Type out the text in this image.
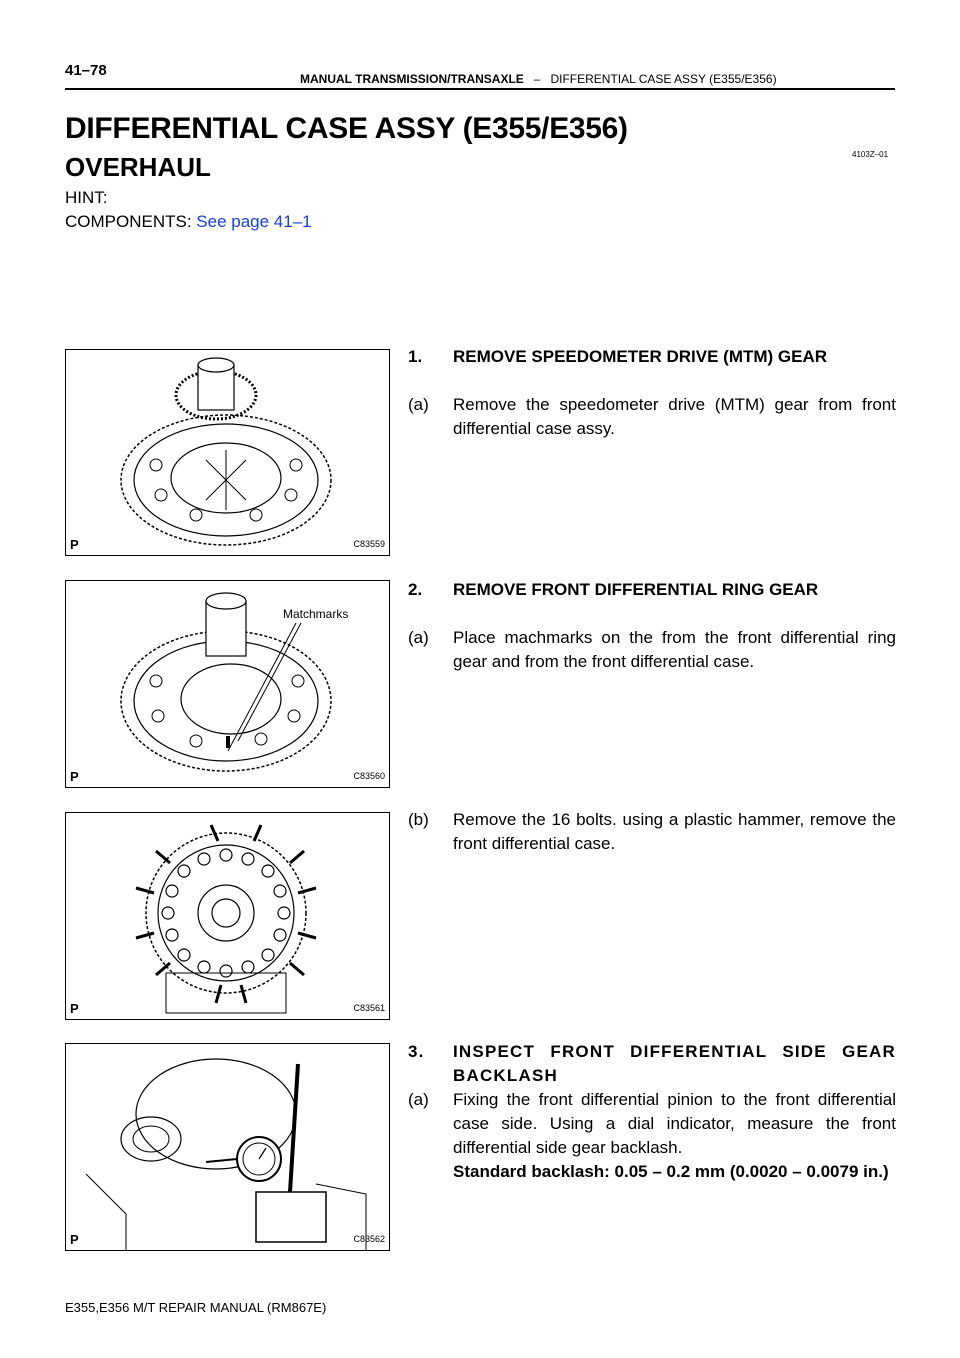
41–78	MANUAL TRANSMISSION/TRANSAXLE – DIFFERENTIAL CASE ASSY (E355/E356)
DIFFERENTIAL CASE ASSY (E355/E356)
4103Z–01
OVERHAUL
HINT:
COMPONENTS: See page 41–1
P	C83559
Matchmarks
P	C83560
P	C83561
P	C83562
1. REMOVE SPEEDOMETER DRIVE (MTM) GEAR
(a) Remove the speedometer drive (MTM) gear from front differential case assy.
2. REMOVE FRONT DIFFERENTIAL RING GEAR
(a) Place machmarks on the from the front differential ring gear and from the front differential case.
(b) Remove the 16 bolts. using a plastic hammer, remove the front differential case.
3. INSPECT FRONT DIFFERENTIAL SIDE GEAR BACKLASH
(a) Fixing the front differential pinion to the front differential case side. Using a dial indicator, measure the front differential side gear backlash.
Standard backlash: 0.05 – 0.2 mm (0.0020 – 0.0079 in.)
E355,E356 M/T REPAIR MANUAL (RM867E)
